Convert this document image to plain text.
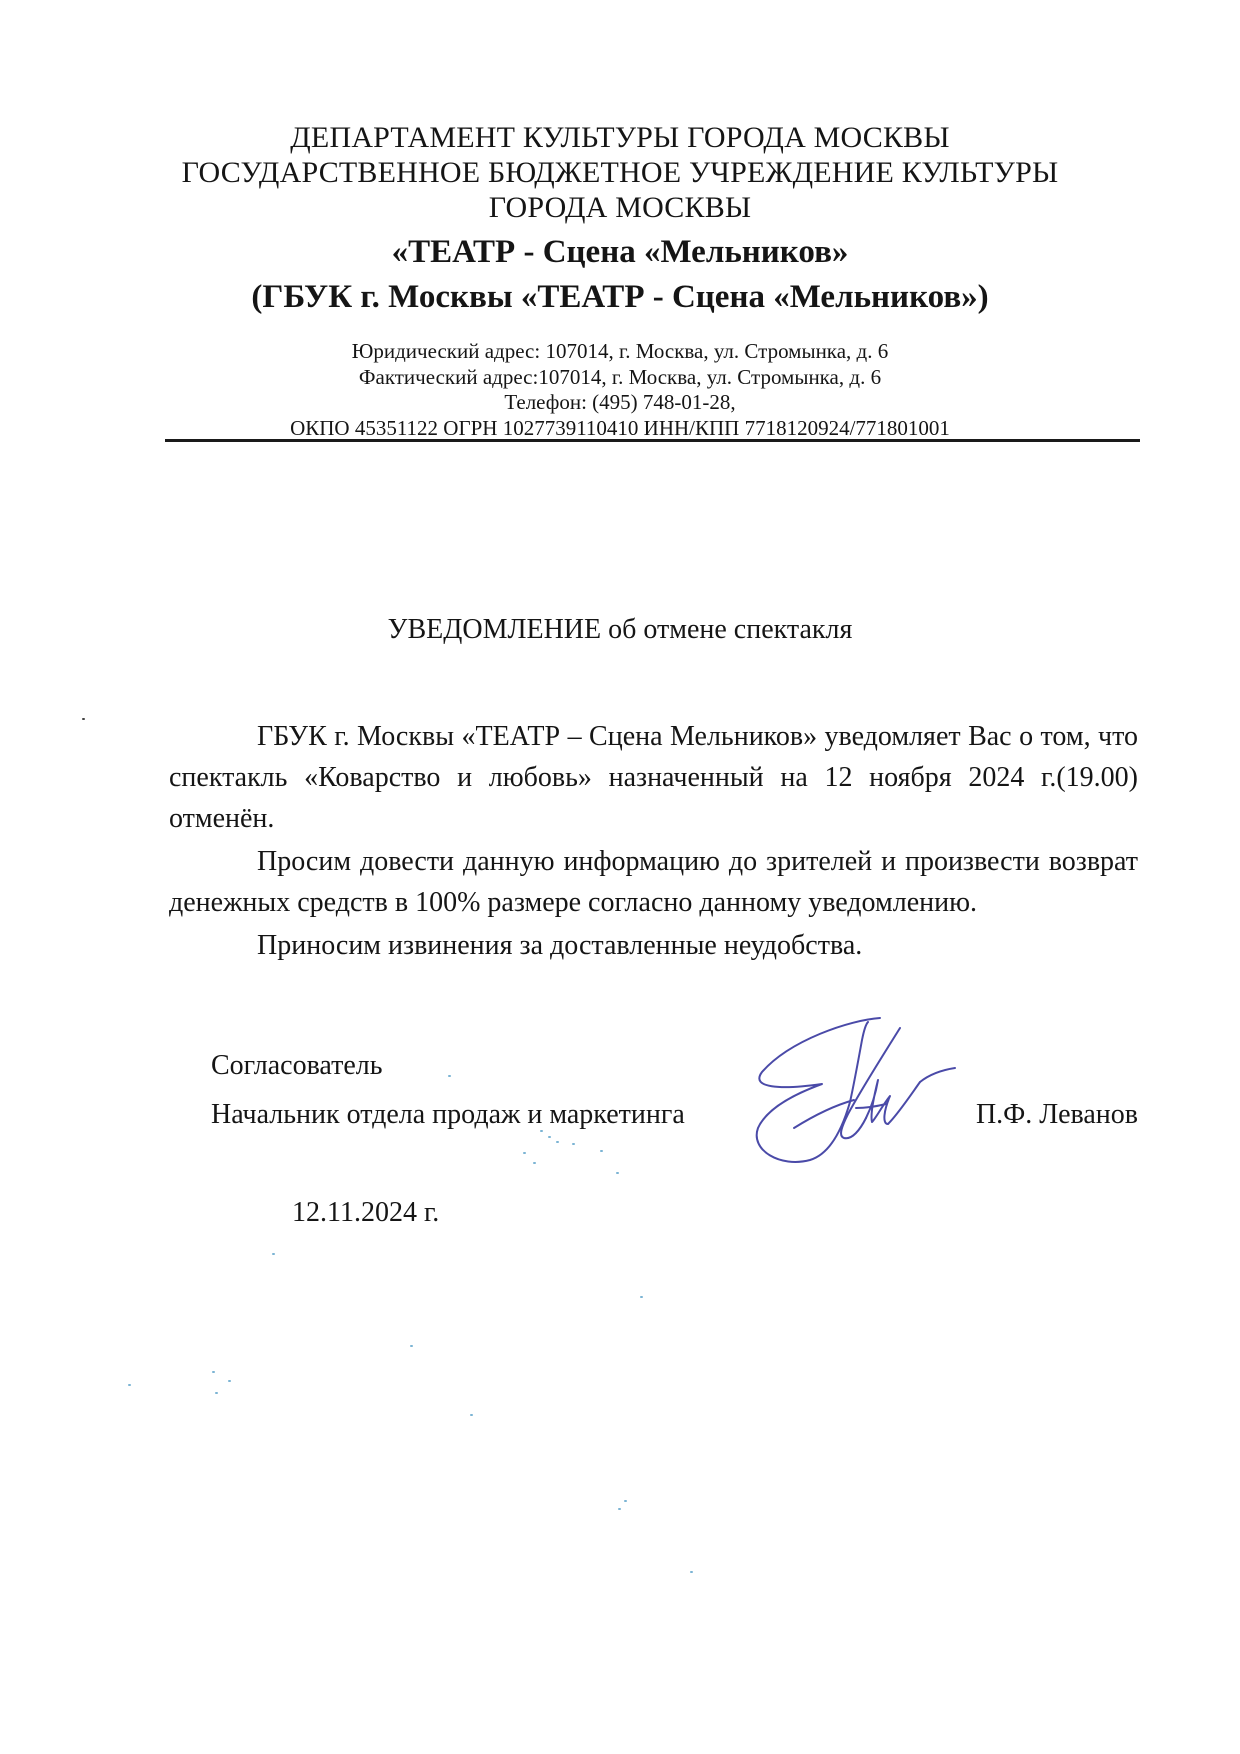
ДЕПАРТАМЕНТ КУЛЬТУРЫ ГОРОДА МОСКВЫ
ГОСУДАРСТВЕННОЕ БЮДЖЕТНОЕ УЧРЕЖДЕНИЕ КУЛЬТУРЫ
ГОРОДА МОСКВЫ
«ТЕАТР - Сцена «Мельников»
(ГБУК г. Москвы «ТЕАТР - Сцена «Мельников»)
Юридический адрес: 107014, г. Москва, ул. Стромынка, д. 6
Фактический адрес:107014, г. Москва, ул. Стромынка, д. 6
Телефон: (495) 748-01-28,
ОКПО 45351122 ОГРН 1027739110410 ИНН/КПП 7718120924/771801001
УВЕДОМЛЕНИЕ об отмене спектакля

ГБУК г. Москвы «ТЕАТР – Сцена Мельников» уведомляет Вас о том, что спектакль «Коварство и любовь» назначенный на 12 ноября 2024 г.(19.00) отменён.

Просим довести данную информацию до зрителей и произвести возврат денежных средств в 100% размере согласно данному уведомлению.

Приносим извинения за доставленные неудобства.

Согласователь
Начальник отдела продаж и маркетинга	П.Ф. Леванов
12.11.2024 г.
